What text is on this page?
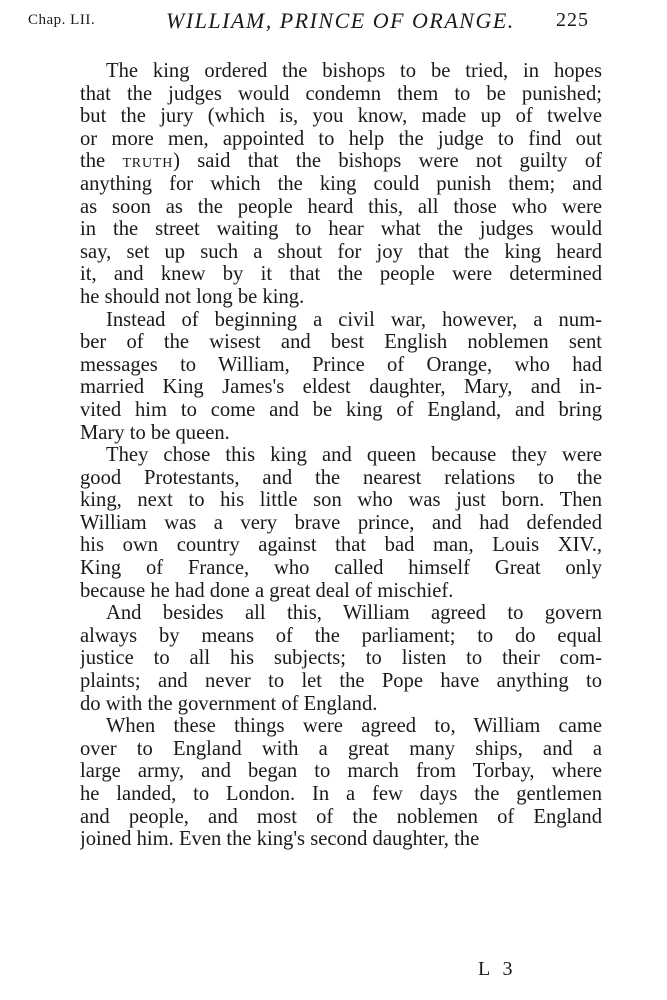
Chap. LII.	WILLIAM, PRINCE OF ORANGE. 225
The king ordered the bishops to be tried, in hopes
that the judges would condemn them to be punished;
but the jury (which is, you know, made up of twelve
or more men, appointed to help the judge to find out
the TRUTH) said that the bishops were not guilty of
anything for which the king could punish them; and
as soon as the people heard this, all those who were
in the street waiting to hear what the judges would
say, set up such a shout for joy that the king heard
it, and knew by it that the people were determined
he should not long be king.
Instead of beginning a civil war, however, a num-
ber of the wisest and best English noblemen sent
messages to William, Prince of Orange, who had
married King James's eldest daughter, Mary, and in-
vited him to come and be king of England, and bring
Mary to be queen.
They chose this king and queen because they were
good Protestants, and the nearest relations to the
king, next to his little son who was just born. Then
William was a very brave prince, and had defended
his own country against that bad man, Louis XIV.,
King of France, who called himself Great only
because he had done a great deal of mischief.
And besides all this, William agreed to govern
always by means of the parliament; to do equal
justice to all his subjects; to listen to their com-
plaints; and never to let the Pope have anything to
do with the government of England.
When these things were agreed to, William came
over to England with a great many ships, and a
large army, and began to march from Torbay, where
he landed, to London. In a few days the gentlemen
and people, and most of the noblemen of England
joined him. Even the king's second daughter, the
L 3
